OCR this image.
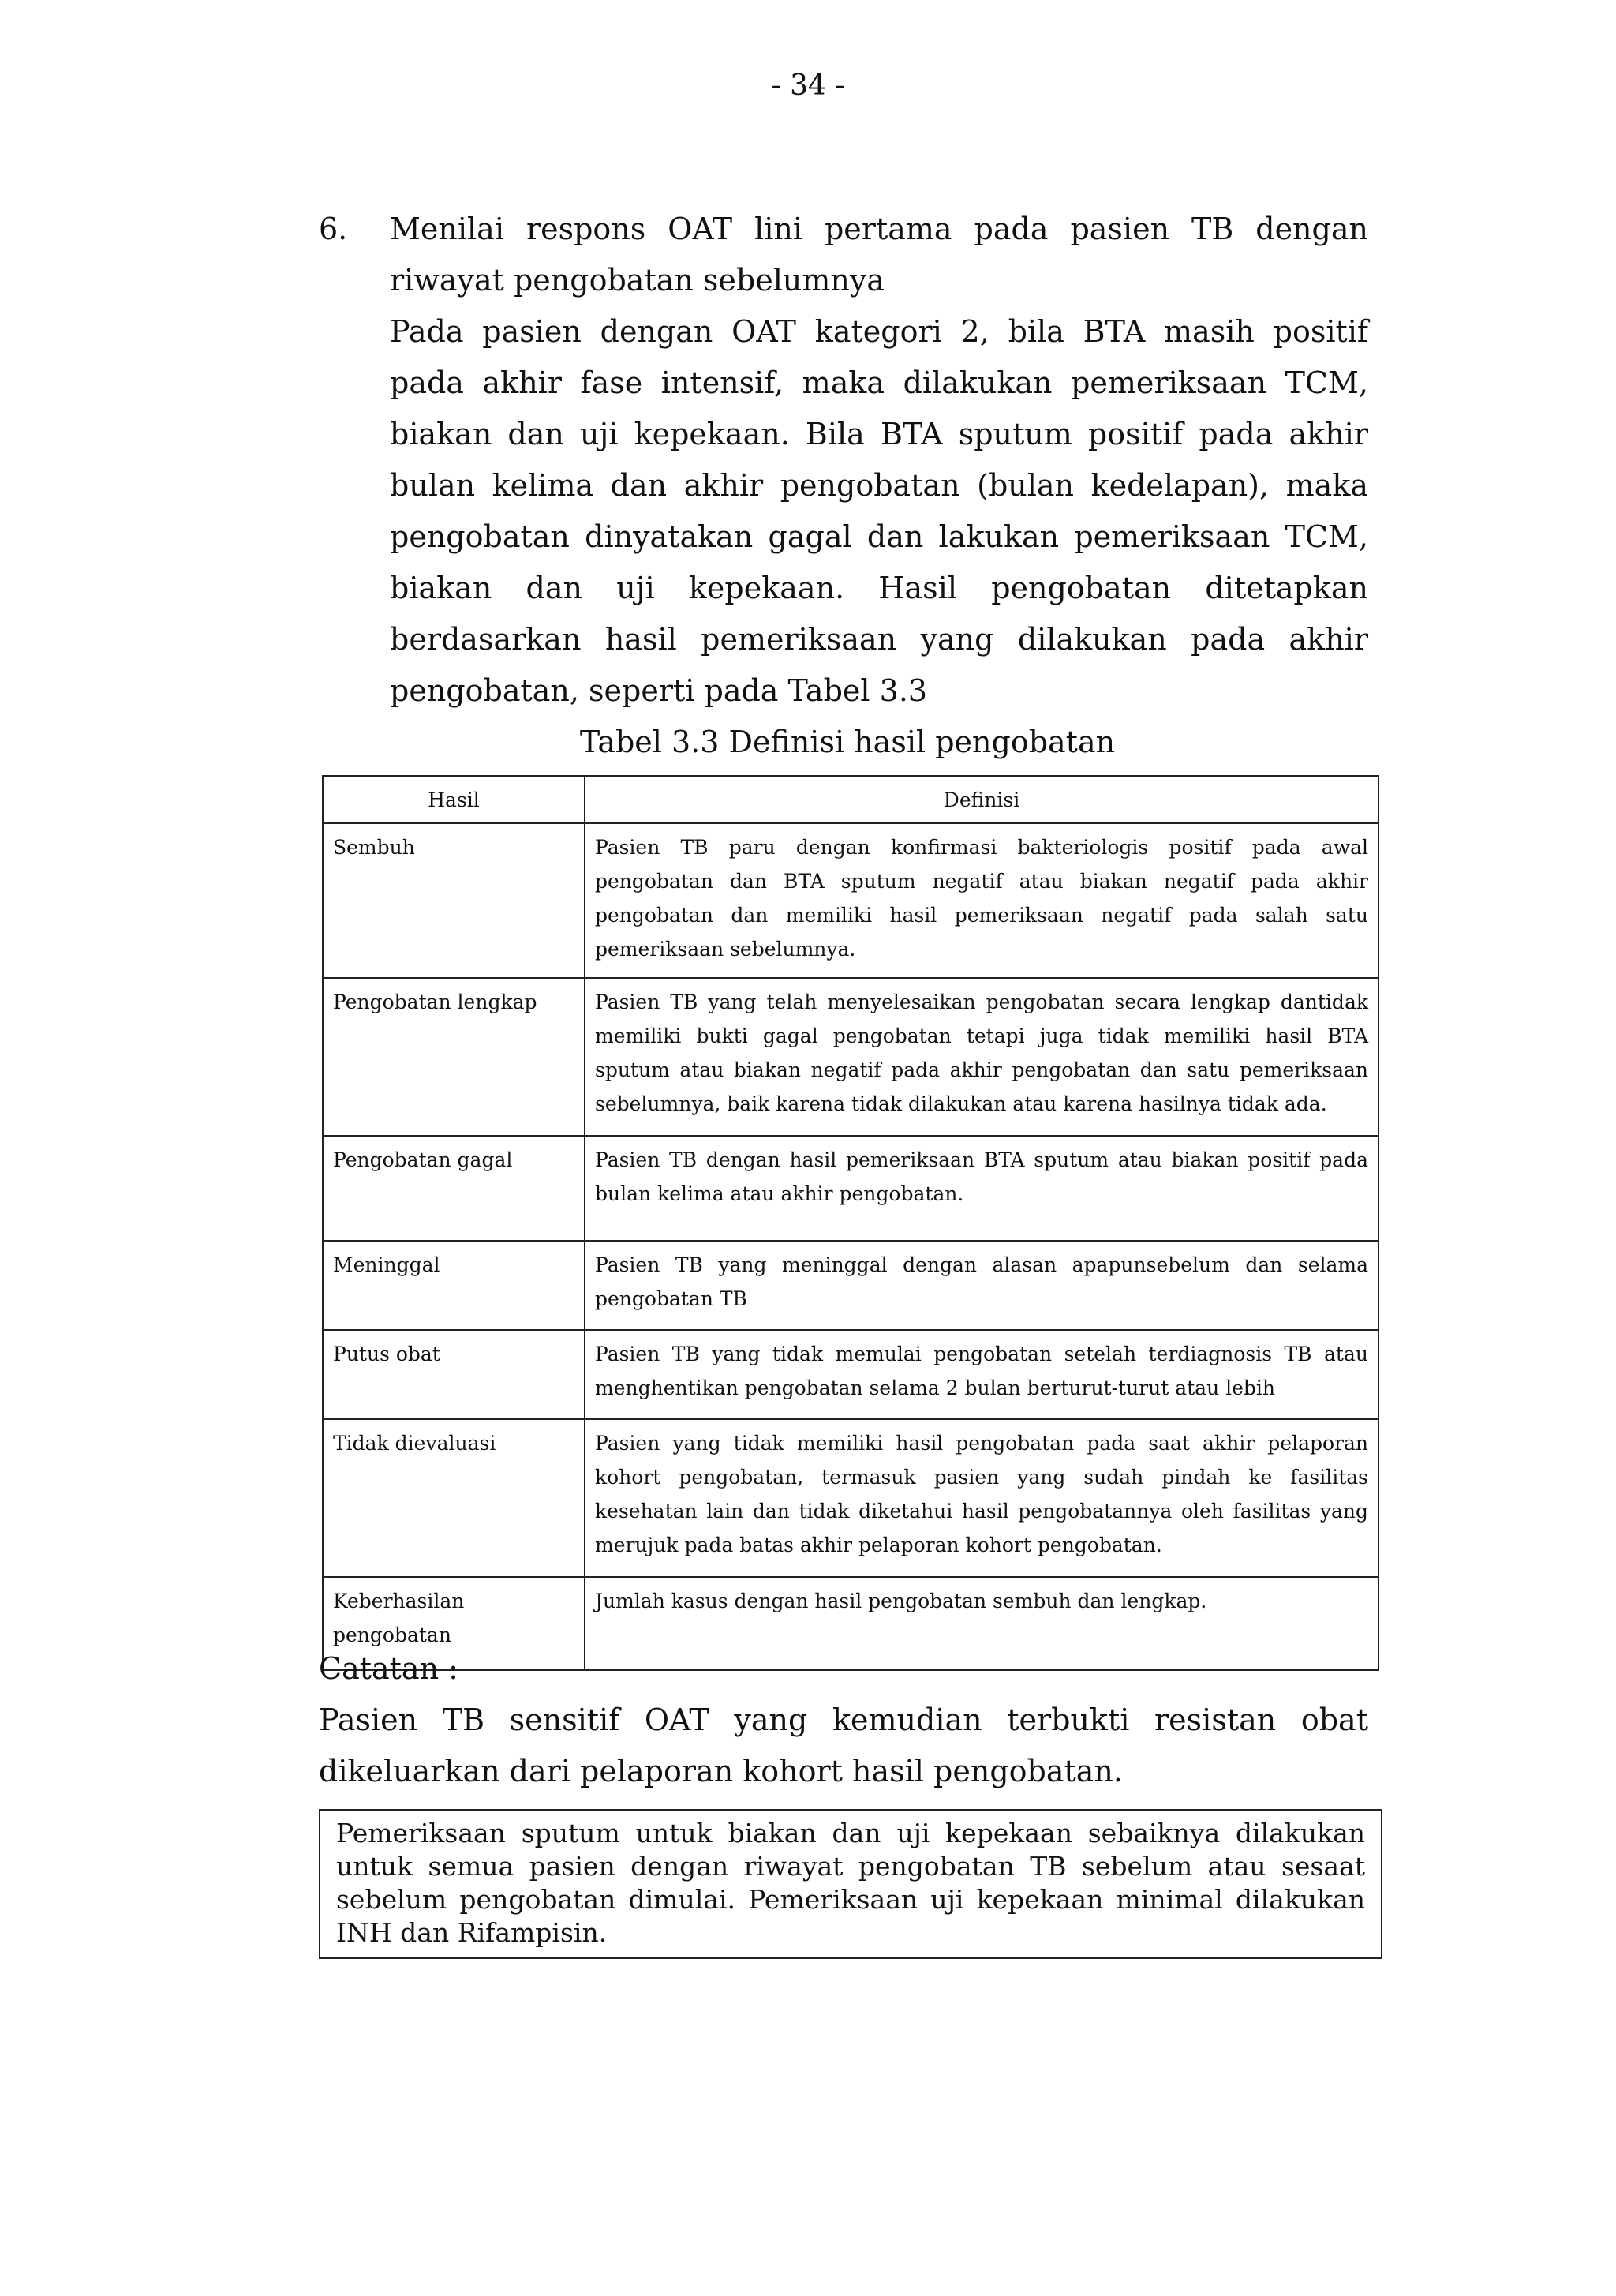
- 34 -
6. Menilai respons OAT lini pertama pada pasien TB dengan riwayat pengobatan sebelumnya

Pada pasien dengan OAT kategori 2, bila BTA masih positif pada akhir fase intensif, maka dilakukan pemeriksaan TCM, biakan dan uji kepekaan. Bila BTA sputum positif pada akhir bulan kelima dan akhir pengobatan (bulan kedelapan), maka pengobatan dinyatakan gagal dan lakukan pemeriksaan TCM, biakan dan uji kepekaan. Hasil pengobatan ditetapkan berdasarkan hasil pemeriksaan yang dilakukan pada akhir pengobatan, seperti pada Tabel 3.3

Tabel 3.3 Definisi hasil pengobatan
Hasil	Definisi
Sembuh	Pasien TB paru dengan konfirmasi bakteriologis positif pada awal pengobatan dan BTA sputum negatif atau biakan negatif pada akhir pengobatan dan memiliki hasil pemeriksaan negatif pada salah satu pemeriksaan sebelumnya.
Pengobatan lengkap	Pasien TB yang telah menyelesaikan pengobatan secara lengkap dantidak memiliki bukti gagal pengobatan tetapi juga tidak memiliki hasil BTA sputum atau biakan negatif pada akhir pengobatan dan satu pemeriksaan sebelumnya, baik karena tidak dilakukan atau karena hasilnya tidak ada.
Pengobatan gagal	Pasien TB dengan hasil pemeriksaan BTA sputum atau biakan positif pada bulan kelima atau akhir pengobatan.
Meninggal	Pasien TB yang meninggal dengan alasan apapunsebelum dan selama pengobatan TB
Putus obat	Pasien TB yang tidak memulai pengobatan setelah terdiagnosis TB atau menghentikan pengobatan selama 2 bulan berturut-turut atau lebih
Tidak dievaluasi	Pasien yang tidak memiliki hasil pengobatan pada saat akhir pelaporan kohort pengobatan, termasuk pasien yang sudah pindah ke fasilitas kesehatan lain dan tidak diketahui hasil pengobatannya oleh fasilitas yang merujuk pada batas akhir pelaporan kohort pengobatan.
Keberhasilan pengobatan	Jumlah kasus dengan hasil pengobatan sembuh dan lengkap.

Catatan :

Pasien TB sensitif OAT yang kemudian terbukti resistan obat dikeluarkan dari pelaporan kohort hasil pengobatan.

Pemeriksaan sputum untuk biakan dan uji kepekaan sebaiknya dilakukan untuk semua pasien dengan riwayat pengobatan TB sebelum atau sesaat sebelum pengobatan dimulai. Pemeriksaan uji kepekaan minimal dilakukan INH dan Rifampisin.
